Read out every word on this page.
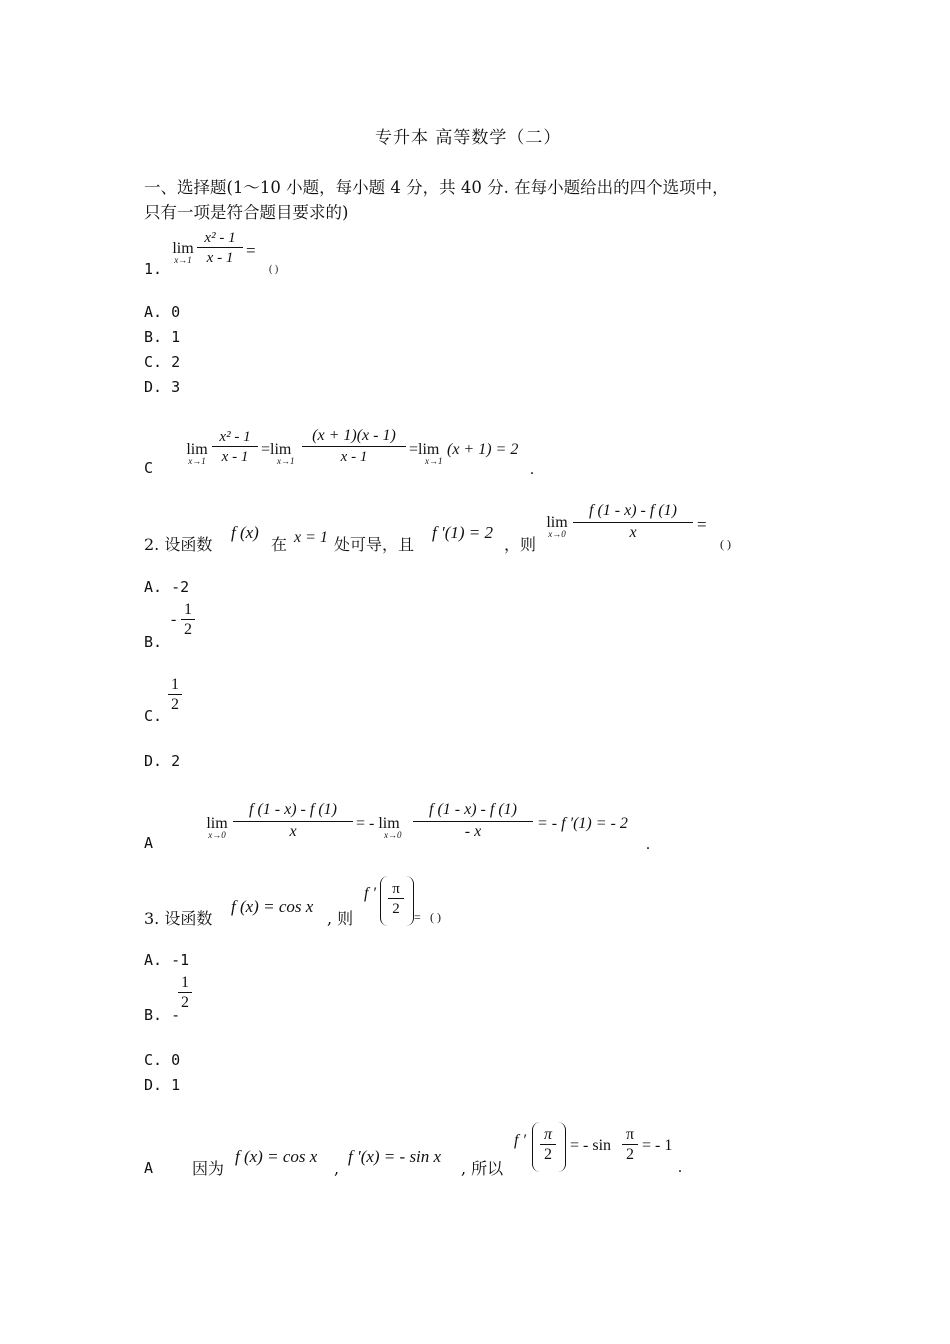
专升本 高等数学（二）
一、选择题(1～10 小题，每小题 4 分，共 40 分. 在每小题给出的四个选项中，
只有一项是符合题目要求的)
1.
lim
x→1
x² - 1
x - 1 =
( )
A. 0
B. 1
C. 2
D. 3
C
lim
x→1
x² - 1
x - 1 =lim
x→1
(x + 1)(x - 1)
x - 1	=lim
x→1
(x + 1) = 2
.
2. 设函数
f (x)
在 x = 1 处可导，且
f ′(1) = 2
，则
lim
x→0
f (1 - x) - f (1)
x	=
( )
A. -2
B.
-
1
2
C.
1
2
D. 2
A
lim
x→0
f (1 - x) - f (1)
x	= - lim
x→0
f (1 - x) - f (1)
- x	= - f ′(1) = - 2
.
3. 设函数
f (x) = cos x
, 则
f ′ π
2	= ( )
A. -1
B. -
1
2
C. 0
D. 1
A 因为
f (x) = cos x
,
f ′(x) = - sin x
, 所以
f ′ π
2
= - sin
π
2
= - 1
.
